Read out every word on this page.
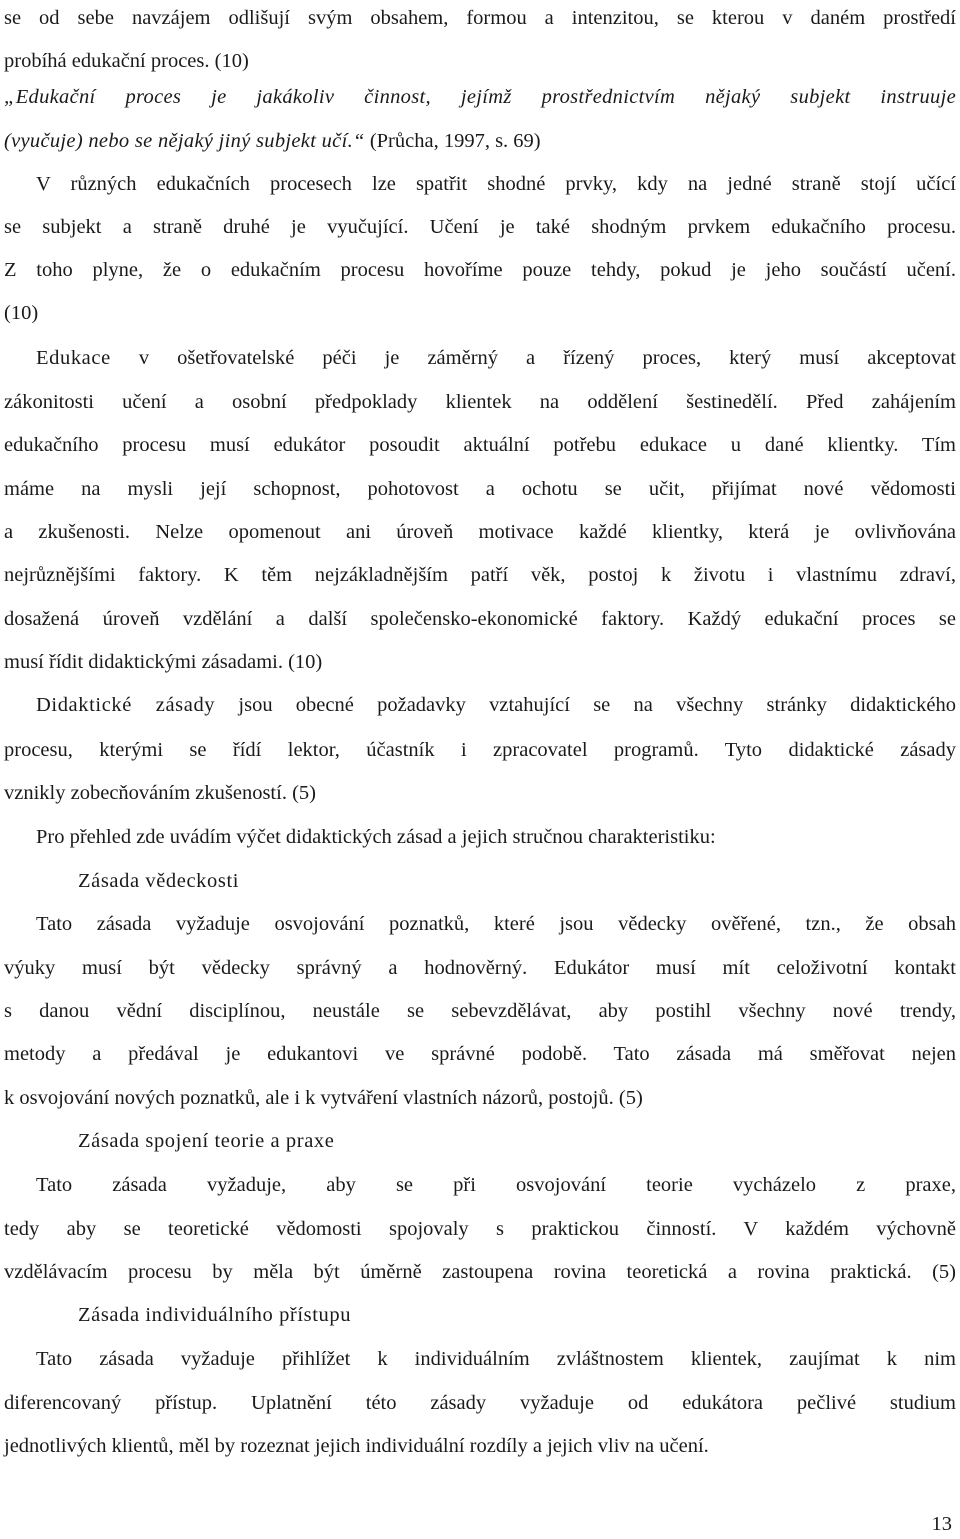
se od sebe navzájem odlišují svým obsahem, formou a intenzitou, se kterou v daném prostředí
probíhá edukační proces. (10)
„Edukační proces je jakákoliv činnost, jejímž prostřednictvím nějaký subjekt instruuje
(vyučuje) nebo se nějaký jiný subjekt učí.“ (Průcha, 1997, s. 69)
V různých edukačních procesech lze spatřit shodné prvky, kdy na jedné straně stojí učící
se subjekt a straně druhé je vyučující. Učení je také shodným prvkem edukačního procesu.
Z toho plyne, že o edukačním procesu hovoříme pouze tehdy, pokud je jeho součástí učení.
(10)
Edukace v ošetřovatelské péči je záměrný a řízený proces, který musí akceptovat
zákonitosti učení a osobní předpoklady klientek na oddělení šestinedělí. Před zahájením
edukačního procesu musí edukátor posoudit aktuální potřebu edukace u dané klientky. Tím
máme na mysli její schopnost, pohotovost a ochotu se učit, přijímat nové vědomosti
a zkušenosti. Nelze opomenout ani úroveň motivace každé klientky, která je ovlivňována
nejrůznějšími faktory. K těm nejzákladnějším patří věk, postoj k životu i vlastnímu zdraví,
dosažená úroveň vzdělání a další společensko-ekonomické faktory. Každý edukační proces se
musí řídit didaktickými zásadami. (10)
Didaktické zásady jsou obecné požadavky vztahující se na všechny stránky didaktického
procesu, kterými se řídí lektor, účastník i zpracovatel programů. Tyto didaktické zásady
vznikly zobecňováním zkušeností. (5)
Pro přehled zde uvádím výčet didaktických zásad a jejich stručnou charakteristiku:
Zásada vědeckosti
Tato zásada vyžaduje osvojování poznatků, které jsou vědecky ověřené, tzn., že obsah
výuky musí být vědecky správný a hodnověrný. Edukátor musí mít celoživotní kontakt
s danou vědní disciplínou, neustále se sebevzdělávat, aby postihl všechny nové trendy,
metody a předával je edukantovi ve správné podobě. Tato zásada má směřovat nejen
k osvojování nových poznatků, ale i k vytváření vlastních názorů, postojů. (5)
Zásada spojení teorie a praxe
Tato zásada vyžaduje, aby se při osvojování teorie vycházelo z praxe,
tedy aby se teoretické vědomosti spojovaly s praktickou činností. V každém výchovně
vzdělávacím procesu by měla být úměrně zastoupena rovina teoretická a rovina praktická. (5)
Zásada individuálního přístupu
Tato zásada vyžaduje přihlížet k individuálním zvláštnostem klientek, zaujímat k nim
diferencovaný přístup. Uplatnění této zásady vyžaduje od edukátora pečlivé studium
jednotlivých klientů, měl by rozeznat jejich individuální rozdíly a jejich vliv na učení.
13
